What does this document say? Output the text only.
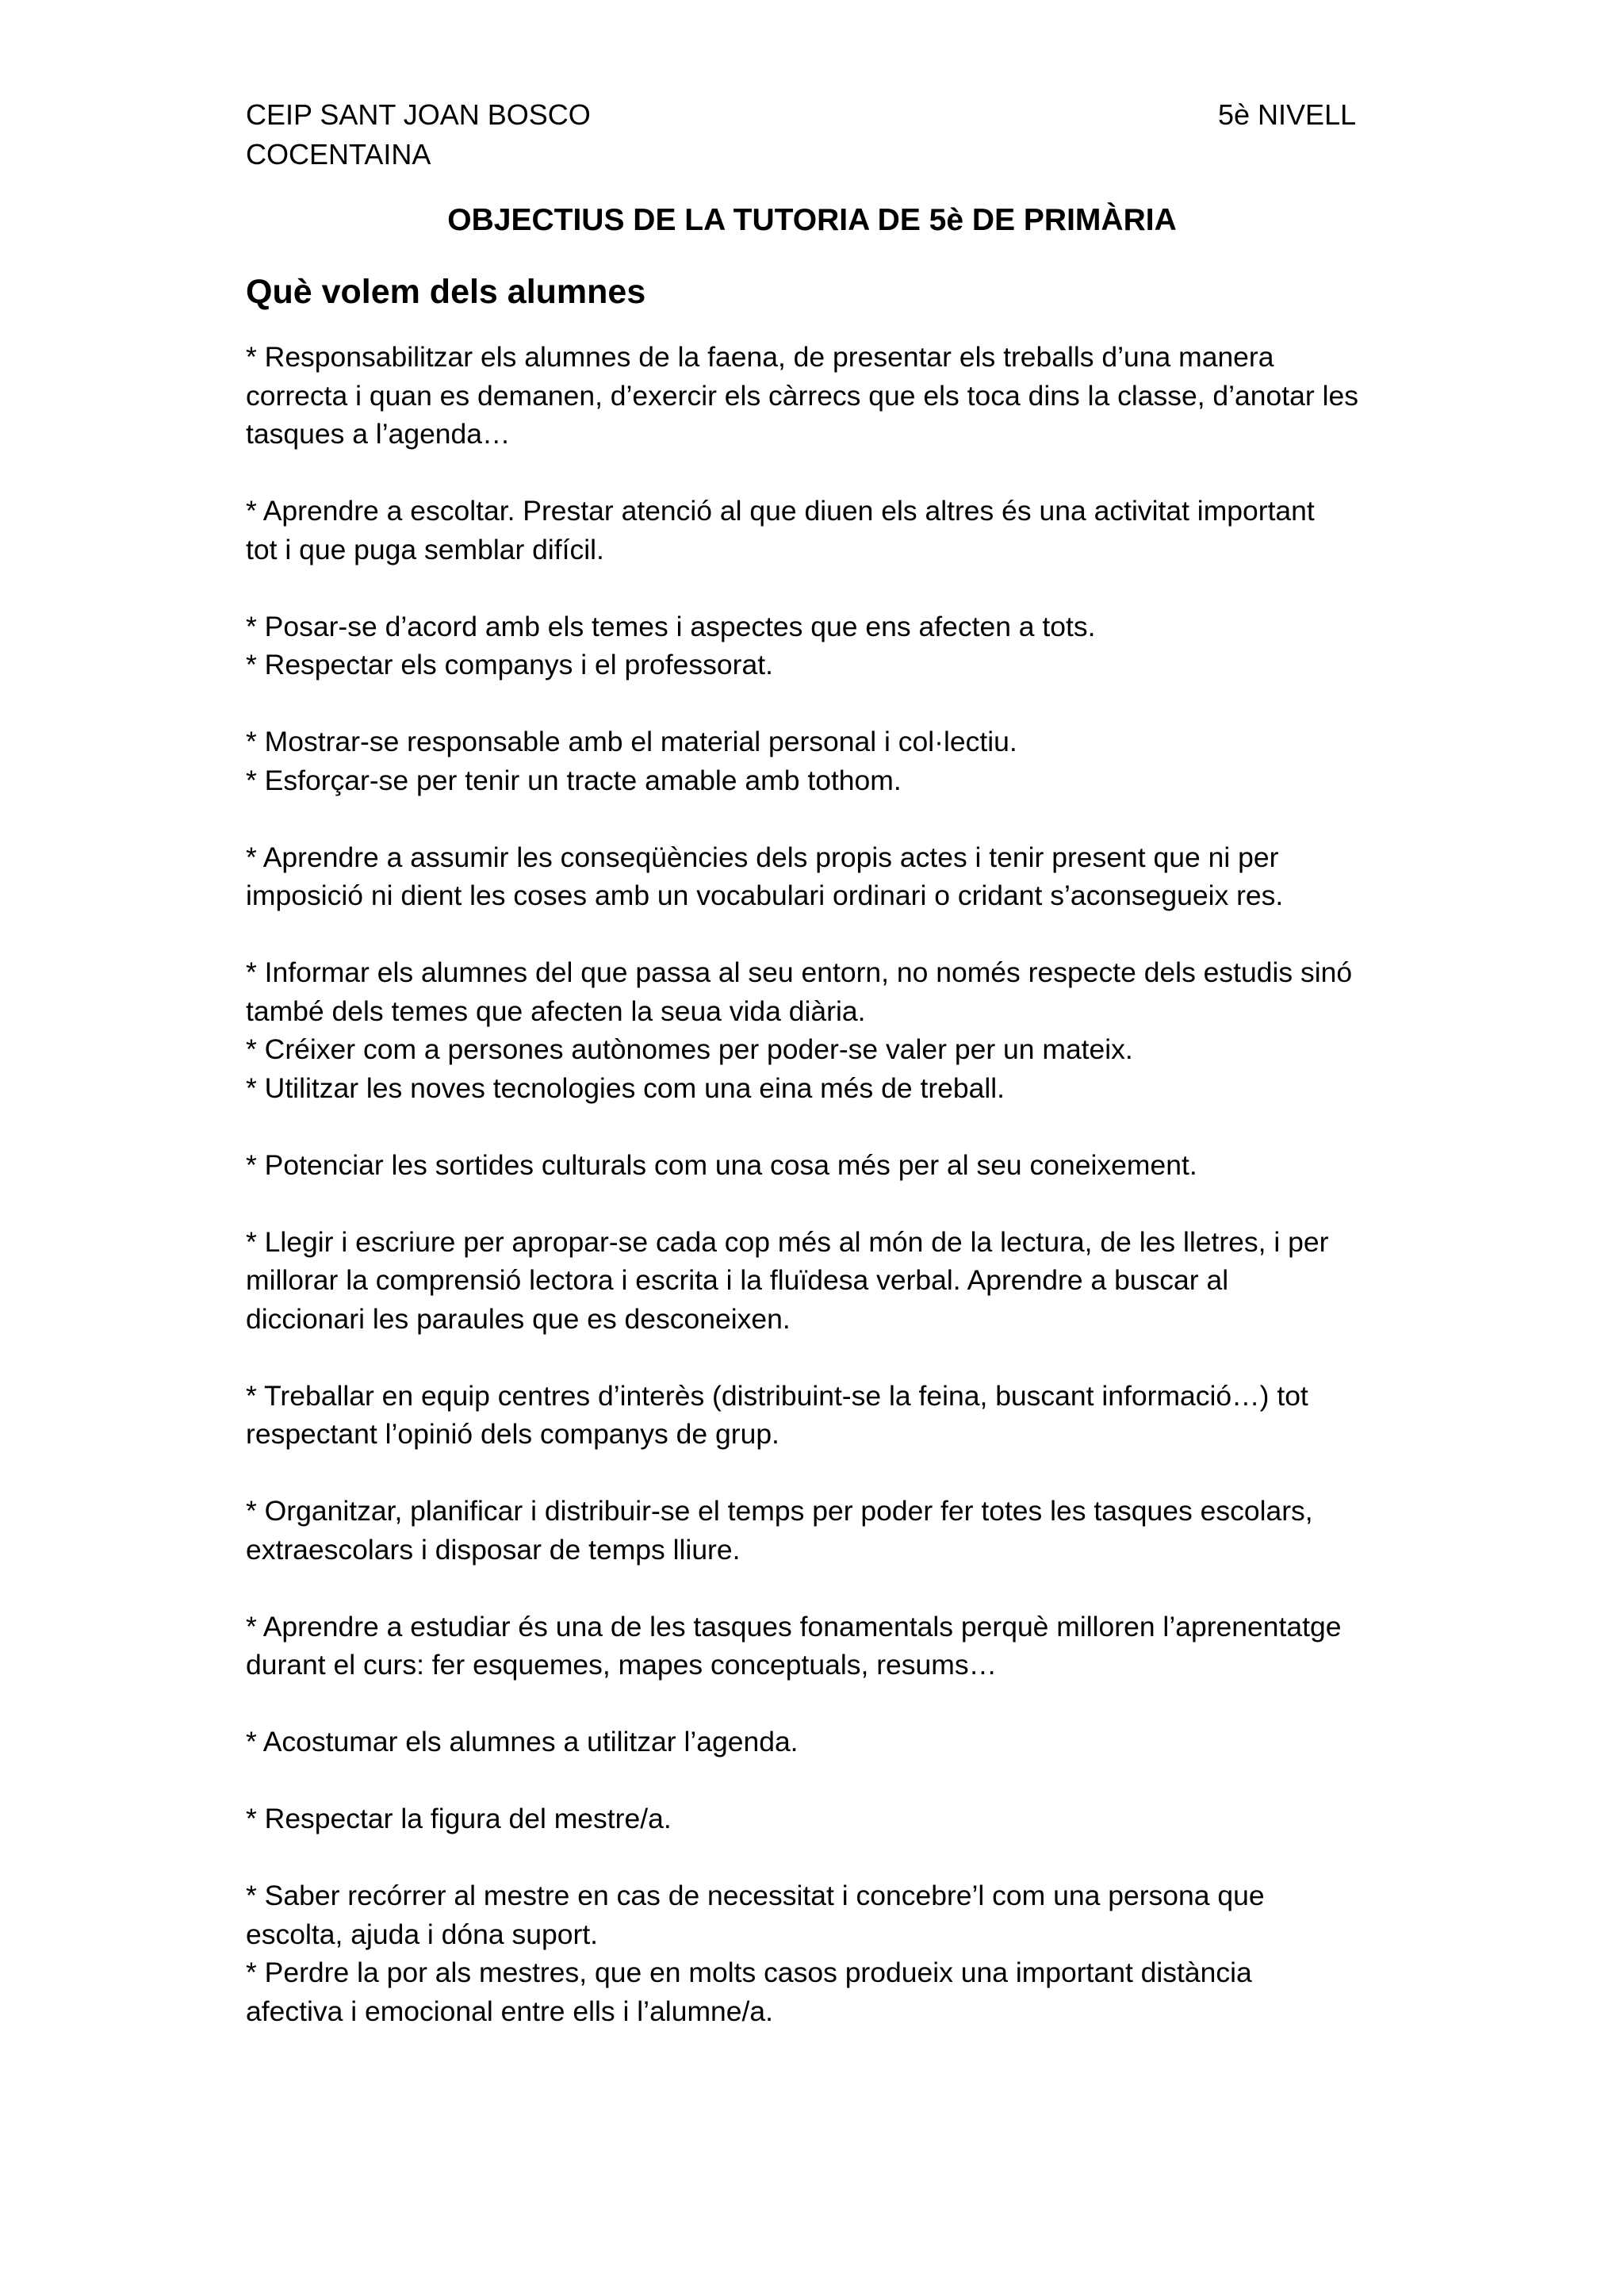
CEIP SANT JOAN BOSCO
COCENTAINA
5è NIVELL
OBJECTIUS DE LA TUTORIA DE 5è DE PRIMÀRIA
Què volem dels alumnes
* Responsabilitzar els alumnes de la faena, de presentar els treballs d’una manera
correcta i quan es demanen, d’exercir els càrrecs que els toca dins la classe, d’anotar les
tasques a l’agenda…
* Aprendre a escoltar. Prestar atenció al que diuen els altres és una activitat important
tot i que puga semblar difícil.
* Posar-se d’acord amb els temes i aspectes que ens afecten a tots.
* Respectar els companys i el professorat.
* Mostrar-se responsable amb el material personal i col·lectiu.
* Esforçar-se per tenir un tracte amable amb tothom.
* Aprendre a assumir les conseqüències dels propis actes i tenir present que ni per
imposició ni dient les coses amb un vocabulari ordinari o cridant s’aconsegueix res.
* Informar els alumnes del que passa al seu entorn, no només respecte dels estudis sinó
també dels temes que afecten la seua vida diària.
* Créixer com a persones autònomes per poder-se valer per un mateix.
* Utilitzar les noves tecnologies com una eina més de treball.
* Potenciar les sortides culturals com una cosa més per al seu coneixement.
* Llegir i escriure per apropar-se cada cop més al món de la lectura, de les lletres, i per
millorar la comprensió lectora i escrita i la fluïdesa verbal. Aprendre a buscar al
diccionari les paraules que es desconeixen.
* Treballar en equip centres d’interès (distribuint-se la feina, buscant informació…) tot
respectant l’opinió dels companys de grup.
* Organitzar, planificar i distribuir-se el temps per poder fer totes les tasques escolars,
extraescolars i disposar de temps lliure.
* Aprendre a estudiar és una de les tasques fonamentals perquè milloren l’aprenentatge
durant el curs: fer esquemes, mapes conceptuals, resums…
* Acostumar els alumnes a utilitzar l’agenda.
* Respectar la figura del mestre/a.
* Saber recórrer al mestre en cas de necessitat i concebre’l com una persona que
escolta, ajuda i dóna suport.
* Perdre la por als mestres, que en molts casos produeix una important distància
afectiva i emocional entre ells i l’alumne/a.
